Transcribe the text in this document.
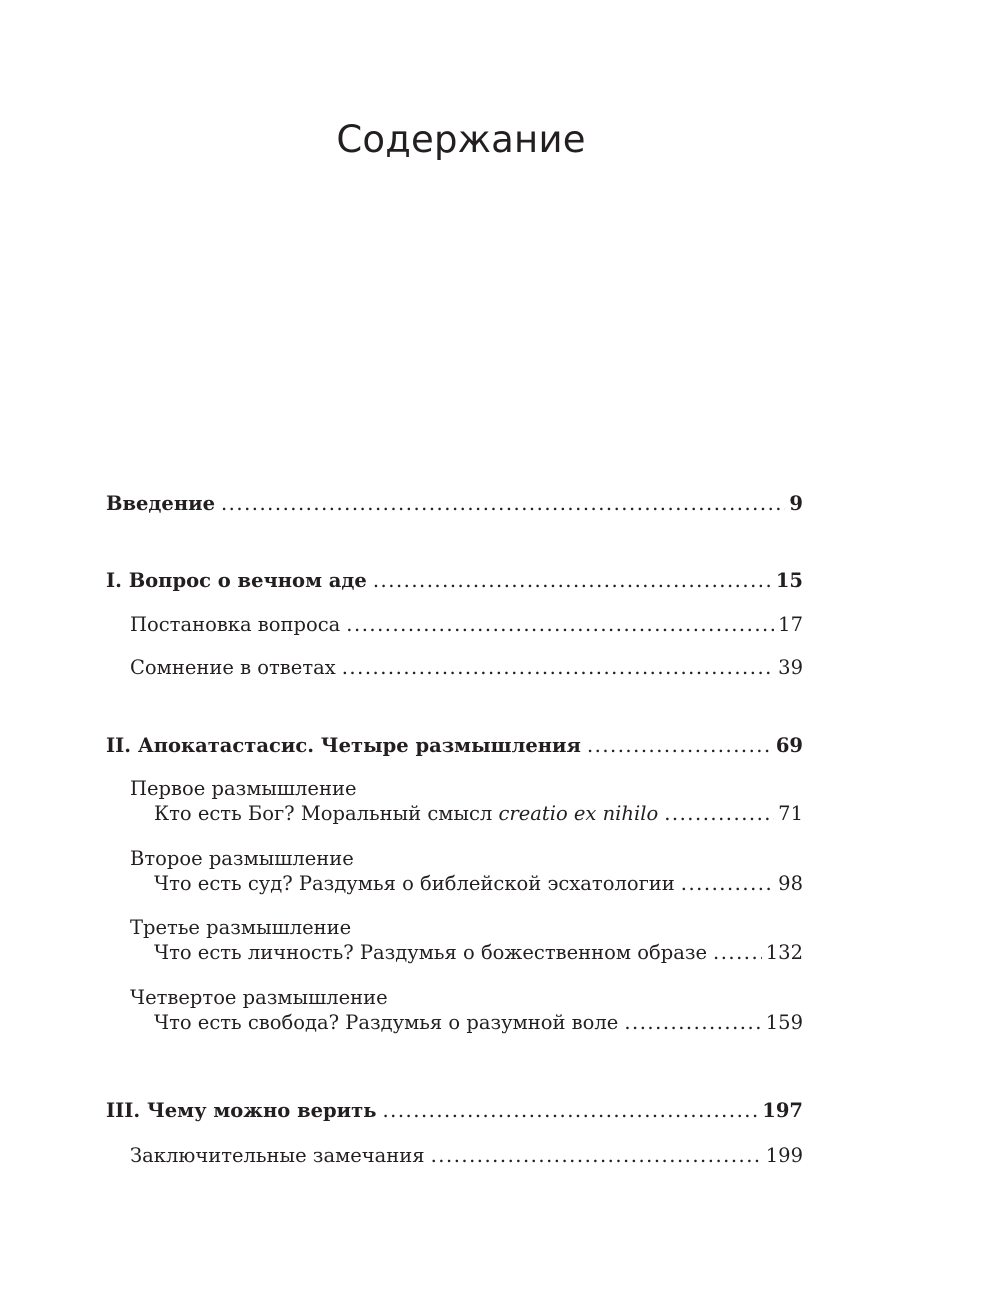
Содержание
Введение .....	9
I. Вопрос о вечном аде .....	15
Постановка вопроса .....	17
Сомнение в ответах .....	39
II. Апокатастасис. Четыре размышления .....	69
Первое размышление
Кто есть Бог? Моральный смысл creatio ex nihilo .....	71
Второе размышление
Что есть суд? Раздумья о библейской эсхатологии .....	98
Третье размышление
Что есть личность? Раздумья о божественном образе .....	132
Четвертое размышление
Что есть свобода? Раздумья о разумной воле .....	159
III. Чему можно верить .....	197
Заключительные замечания .....	199
